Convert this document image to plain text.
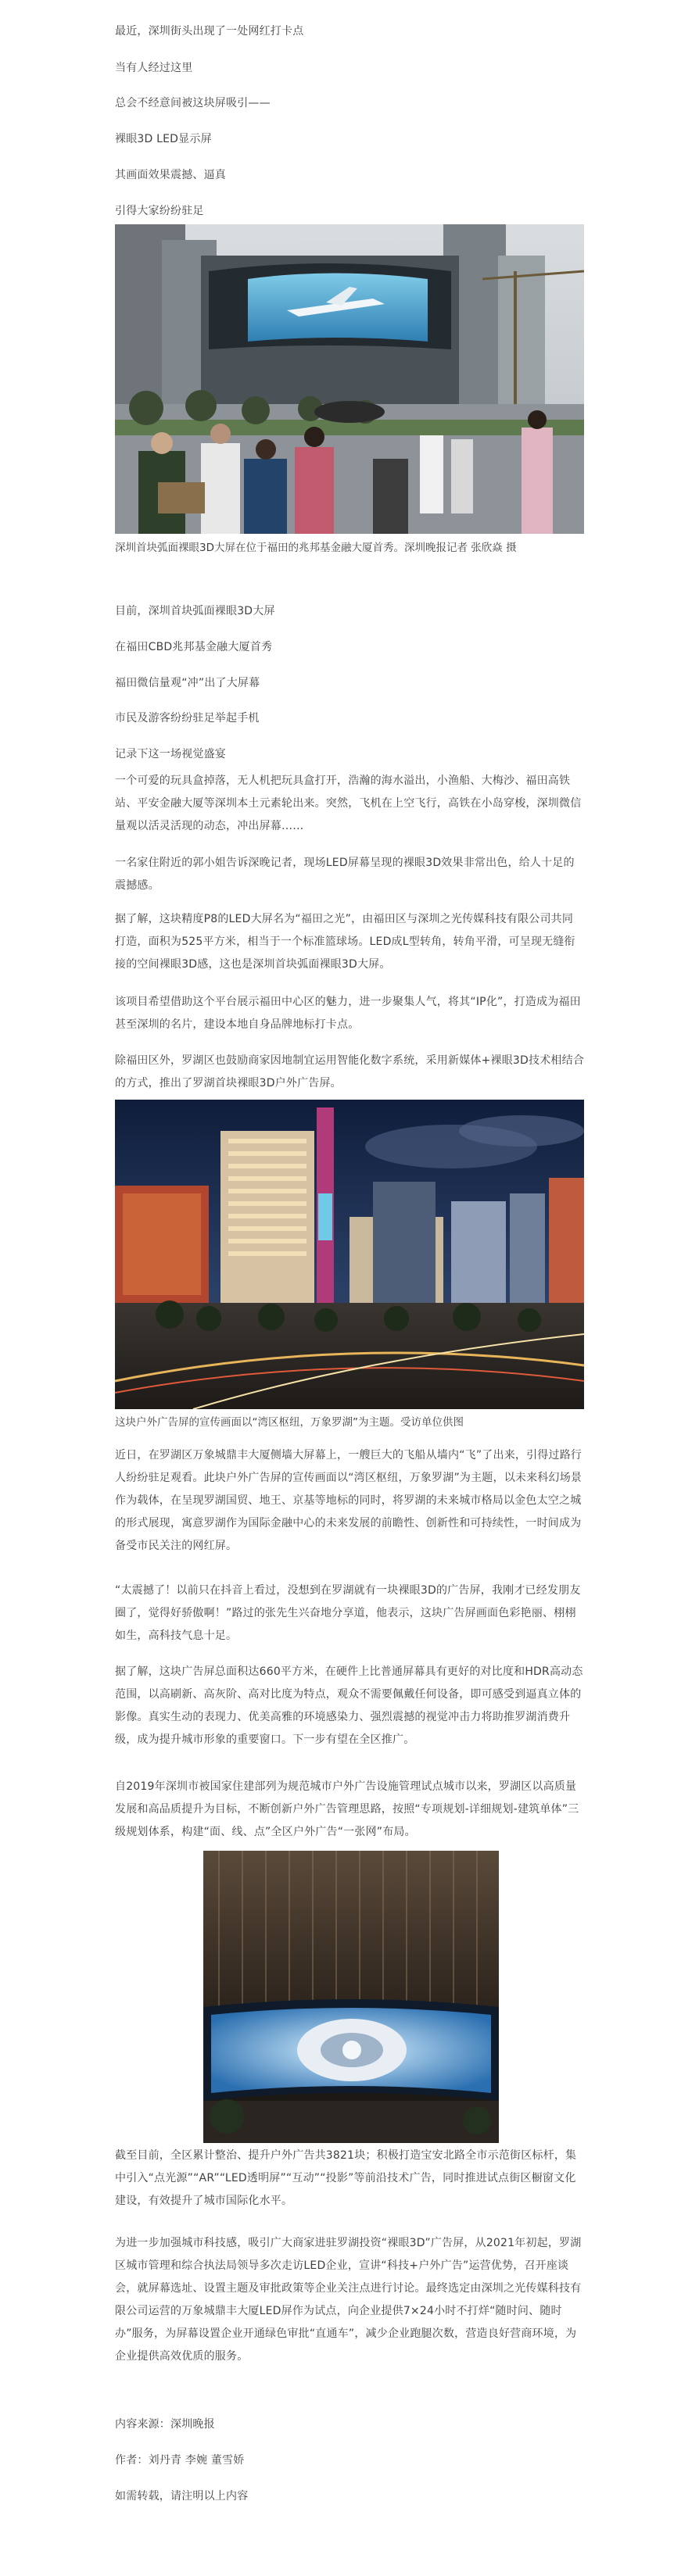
最近，深圳街头出现了一处网红打卡点

当有人经过这里

总会不经意间被这块屏吸引——

裸眼3D LED显示屏

其画面效果震撼、逼真

引得大家纷纷驻足

深圳首块弧面裸眼3D大屏在位于福田的兆邦基金融大厦首秀。深圳晚报记者 张欣焱 摄

目前，深圳首块弧面裸眼3D大屏

在福田CBD兆邦基金融大厦首秀

福田微信量观“冲”出了大屏幕

市民及游客纷纷驻足举起手机

记录下这一场视觉盛宴

一个可爱的玩具盒掉落，无人机把玩具盒打开，浩瀚的海水溢出，小渔船、大梅沙、福田高铁站、平安金融大厦等深圳本土元素轮出来。突然，飞机在上空飞行，高铁在小岛穿梭，深圳微信量观以活灵活现的动态，冲出屏幕……

一名家住附近的郭小姐告诉深晚记者，现场LED屏幕呈现的裸眼3D效果非常出色，给人十足的震撼感。

据了解，这块精度P8的LED大屏名为“福田之光”，由福田区与深圳之光传媒科技有限公司共同打造，面积为525平方米，相当于一个标准篮球场。LED成L型转角，转角平滑，可呈现无缝衔接的空间裸眼3D感，这也是深圳首块弧面裸眼3D大屏。

该项目希望借助这个平台展示福田中心区的魅力，进一步聚集人气，将其“IP化”，打造成为福田甚至深圳的名片，建设本地自身品牌地标打卡点。

除福田区外，罗湖区也鼓励商家因地制宜运用智能化数字系统，采用新媒体+裸眼3D技术相结合的方式，推出了罗湖首块裸眼3D户外广告屏。

这块户外广告屏的宣传画面以“湾区枢纽，万象罗湖”为主题。受访单位供图

近日，在罗湖区万象城鼎丰大厦侧墙大屏幕上，一艘巨大的飞船从墙内“飞”了出来，引得过路行人纷纷驻足观看。此块户外广告屏的宣传画面以“湾区枢纽，万象罗湖”为主题，以未来科幻场景作为载体，在呈现罗湖国贸、地王、京基等地标的同时，将罗湖的未来城市格局以金色太空之城的形式展现，寓意罗湖作为国际金融中心的未来发展的前瞻性、创新性和可持续性，一时间成为备受市民关注的网红屏。

“太震撼了！以前只在抖音上看过，没想到在罗湖就有一块裸眼3D的广告屏，我刚才已经发朋友圈了，觉得好骄傲啊！”路过的张先生兴奋地分享道，他表示，这块广告屏画面色彩艳丽、栩栩如生，高科技气息十足。

据了解，这块广告屏总面积达660平方米，在硬件上比普通屏幕具有更好的对比度和HDR高动态范围，以高刷新、高灰阶、高对比度为特点，观众不需要佩戴任何设备，即可感受到逼真立体的影像。真实生动的表现力、优美高雅的环境感染力、强烈震撼的视觉冲击力将助推罗湖消费升级，成为提升城市形象的重要窗口。下一步有望在全区推广。

自2019年深圳市被国家住建部列为规范城市户外广告设施管理试点城市以来，罗湖区以高质量发展和高品质提升为目标，不断创新户外广告管理思路，按照“专项规划-详细规划-建筑单体”三级规划体系，构建“面、线、点”全区户外广告“一张网”布局。

截至目前，全区累计整治、提升户外广告共3821块；积极打造宝安北路全市示范街区标杆，集中引入“点光源”“AR”“LED透明屏”“互动”“投影”等前沿技术广告，同时推进试点街区橱窗文化建设，有效提升了城市国际化水平。

为进一步加强城市科技感，吸引广大商家进驻罗湖投资“裸眼3D”广告屏，从2021年初起，罗湖区城市管理和综合执法局领导多次走访LED企业，宣讲“科技+户外广告”运营优势，召开座谈会，就屏幕选址、设置主题及审批政策等企业关注点进行讨论。最终选定由深圳之光传媒科技有限公司运营的万象城鼎丰大厦LED屏作为试点，向企业提供7×24小时不打烊“随时问、随时办”服务，为屏幕设置企业开通绿色审批“直通车”，减少企业跑腿次数，营造良好营商环境，为企业提供高效优质的服务。

内容来源：深圳晚报

作者：刘丹青 李婉 董雪娇

如需转载，请注明以上内容
